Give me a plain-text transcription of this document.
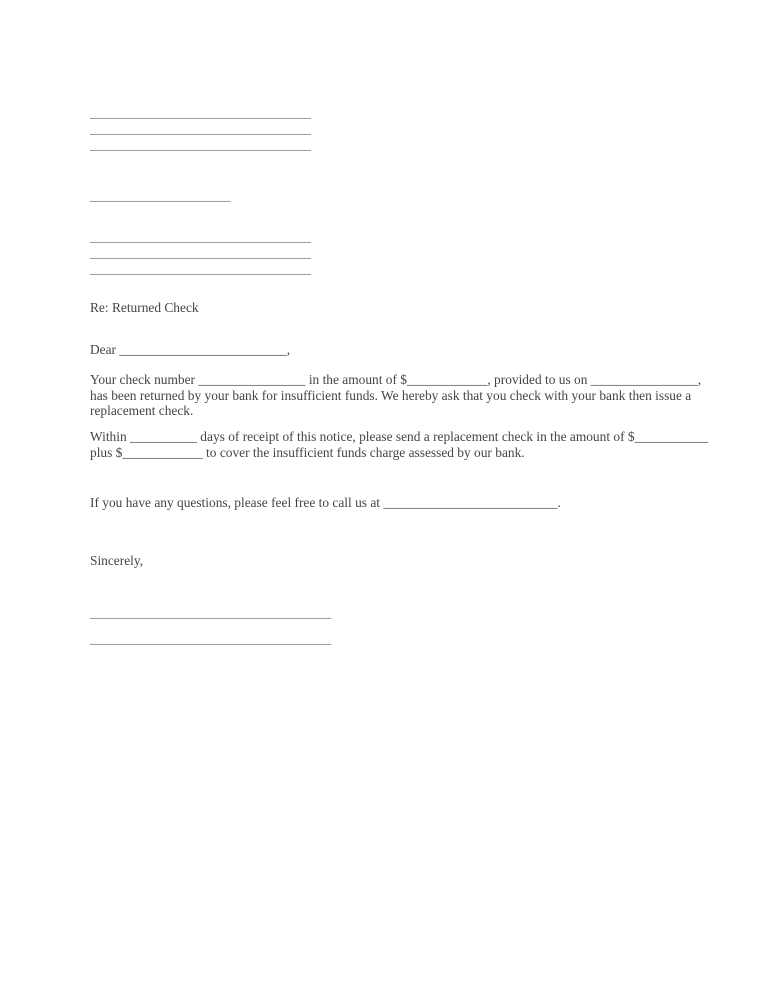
_________________________________
_________________________________
_________________________________
_____________________
_________________________________
_________________________________
_________________________________
Re: Returned Check
Dear _________________________,
Your check number ________________ in the amount of $____________, provided to us on ________________,
has been returned by your bank for insufficient funds. We hereby ask that you check with your bank then issue a
replacement check.
Within __________ days of receipt of this notice, please send a replacement check in the amount of $___________
plus $____________ to cover the insufficient funds charge assessed by our bank.
If you have any questions, please feel free to call us at __________________________.
Sincerely,
____________________________________
____________________________________
